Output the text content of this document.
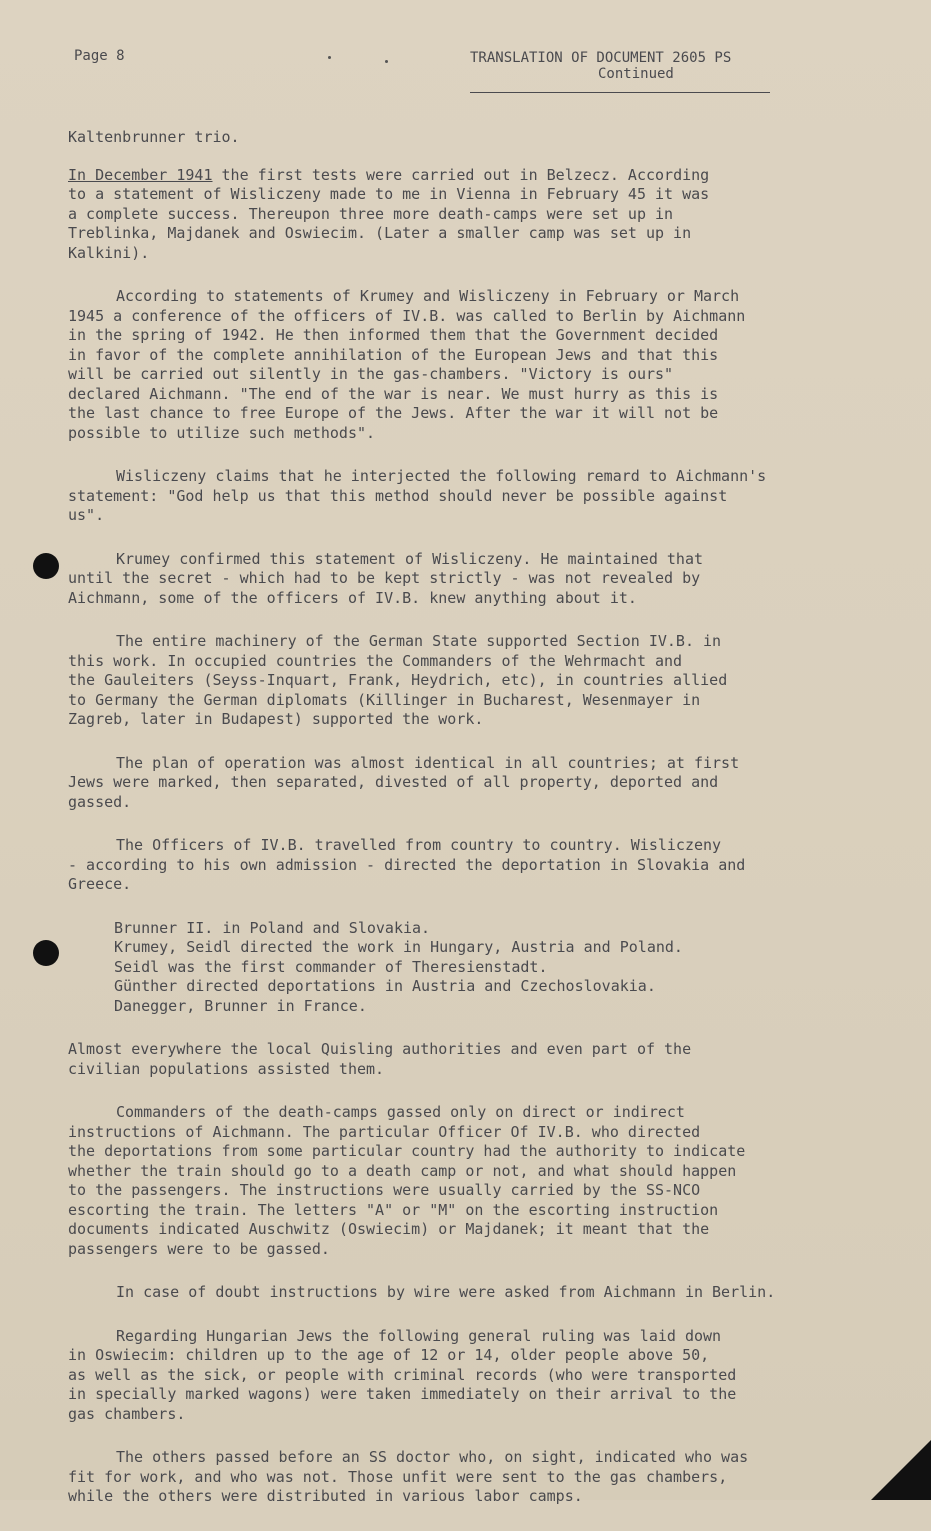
Page 8	TRANSLATION OF DOCUMENT 2605 PS
Continued

Kaltenbrunner trio.

In December 1941 the first tests were carried out in Belzecz. According
to a statement of Wisliczeny made to me in Vienna in February 45 it was
a complete success. Thereupon three more death-camps were set up in
Treblinka, Majdanek and Oswiecim. (Later a smaller camp was set up in
Kalkini).

According to statements of Krumey and Wisliczeny in February or March
1945 a conference of the officers of IV.B. was called to Berlin by Aichmann
in the spring of 1942. He then informed them that the Government decided
in favor of the complete annihilation of the European Jews and that this
will be carried out silently in the gas-chambers. "Victory is ours"
declared Aichmann. "The end of the war is near. We must hurry as this is
the last chance to free Europe of the Jews. After the war it will not be
possible to utilize such methods".

Wisliczeny claims that he interjected the following remard to Aichmann's
statement: "God help us that this method should never be possible against
us".

Krumey confirmed this statement of Wisliczeny. He maintained that
until the secret - which had to be kept strictly - was not revealed by
Aichmann, some of the officers of IV.B. knew anything about it.

The entire machinery of the German State supported Section IV.B. in
this work. In occupied countries the Commanders of the Wehrmacht and
the Gauleiters (Seyss-Inquart, Frank, Heydrich, etc), in countries allied
to Germany the German diplomats (Killinger in Bucharest, Wesenmayer in
Zagreb, later in Budapest) supported the work.

The plan of operation was almost identical in all countries; at first
Jews were marked, then separated, divested of all property, deported and
gassed.

The Officers of IV.B. travelled from country to country. Wisliczeny
- according to his own admission - directed the deportation in Slovakia and
Greece.

Brunner II. in Poland and Slovakia.
Krumey, Seidl directed the work in Hungary, Austria and Poland.
Seidl was the first commander of Theresienstadt.
Günther directed deportations in Austria and Czechoslovakia.
Danegger, Brunner in France.

Almost everywhere the local Quisling authorities and even part of the
civilian populations assisted them.

Commanders of the death-camps gassed only on direct or indirect
instructions of Aichmann. The particular Officer Of IV.B. who directed
the deportations from some particular country had the authority to indicate
whether the train should go to a death camp or not, and what should happen
to the passengers. The instructions were usually carried by the SS-NCO
escorting the train. The letters "A" or "M" on the escorting instruction
documents indicated Auschwitz (Oswiecim) or Majdanek; it meant that the
passengers were to be gassed.

In case of doubt instructions by wire were asked from Aichmann in Berlin.

Regarding Hungarian Jews the following general ruling was laid down
in Oswiecim: children up to the age of 12 or 14, older people above 50,
as well as the sick, or people with criminal records (who were transported
in specially marked wagons) were taken immediately on their arrival to the
gas chambers.

The others passed before an SS doctor who, on sight, indicated who was
fit for work, and who was not. Those unfit were sent to the gas chambers,
while the others were distributed in various labor camps.
